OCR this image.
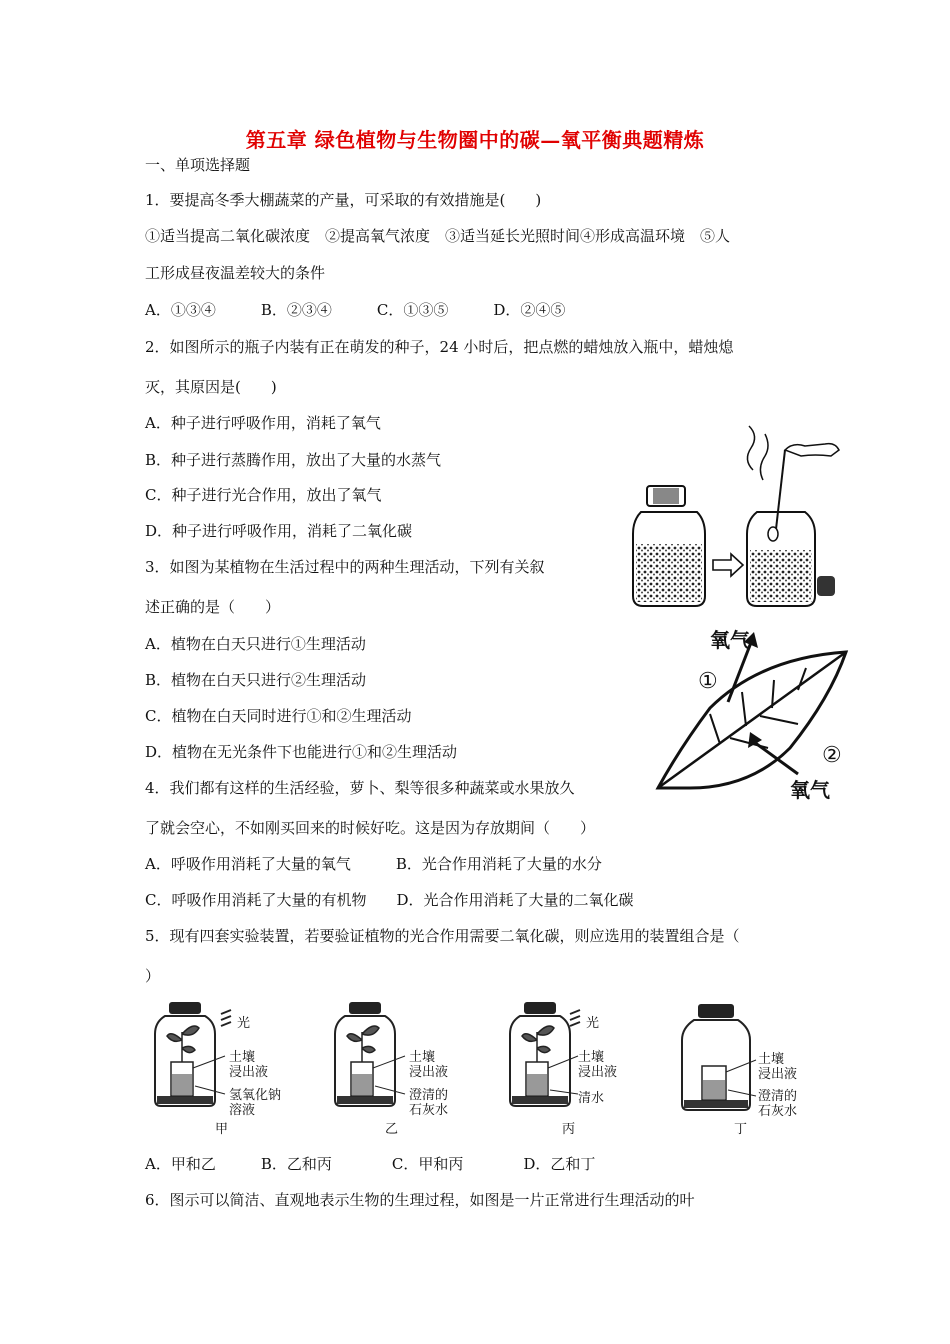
第五章 绿色植物与生物圈中的碳—氧平衡典题精炼
一、单项选择题
1．要提高冬季大棚蔬菜的产量，可采取的有效措施是(　　)
①适当提高二氧化碳浓度　②提高氧气浓度　③适当延长光照时间④形成高温环境　⑤人
工形成昼夜温差较大的条件
A．①③④　　　B．②③④　　　C．①③⑤　　　D．②④⑤
2．如图所示的瓶子内装有正在萌发的种子，24 小时后，把点燃的蜡烛放入瓶中，蜡烛熄
灭，其原因是(　　)
A．种子进行呼吸作用，消耗了氧气
B．种子进行蒸腾作用，放出了大量的水蒸气
C．种子进行光合作用，放出了氧气
D．种子进行呼吸作用，消耗了二氧化碳
3．如图为某植物在生活过程中的两种生理活动，下列有关叙
述正确的是（　　）
A．植物在白天只进行①生理活动
B．植物在白天只进行②生理活动
C．植物在白天同时进行①和②生理活动
D．植物在无光条件下也能进行①和②生理活动
氧气
①
②
氧气
4．我们都有这样的生活经验，萝卜、梨等很多种蔬菜或水果放久
了就会空心，不如刚买回来的时候好吃。这是因为存放期间（　　）
A．呼吸作用消耗了大量的氧气　　　B．光合作用消耗了大量的水分
C．呼吸作用消耗了大量的有机物　　D．光合作用消耗了大量的二氧化碳
5．现有四套实验装置，若要验证植物的光合作用需要二氧化碳，则应选用的装置组合是（
）
光
土壤
浸出液
氢氧化钠
溶液
甲
土壤
浸出液
澄清的
石灰水
乙
光
土壤
浸出液
清水
丙
土壤
浸出液
澄清的
石灰水
丁
A．甲和乙　　　B．乙和丙　　　　C．甲和丙　　　　D．乙和丁
6．图示可以简洁、直观地表示生物的生理过程，如图是一片正常进行生理活动的叶
